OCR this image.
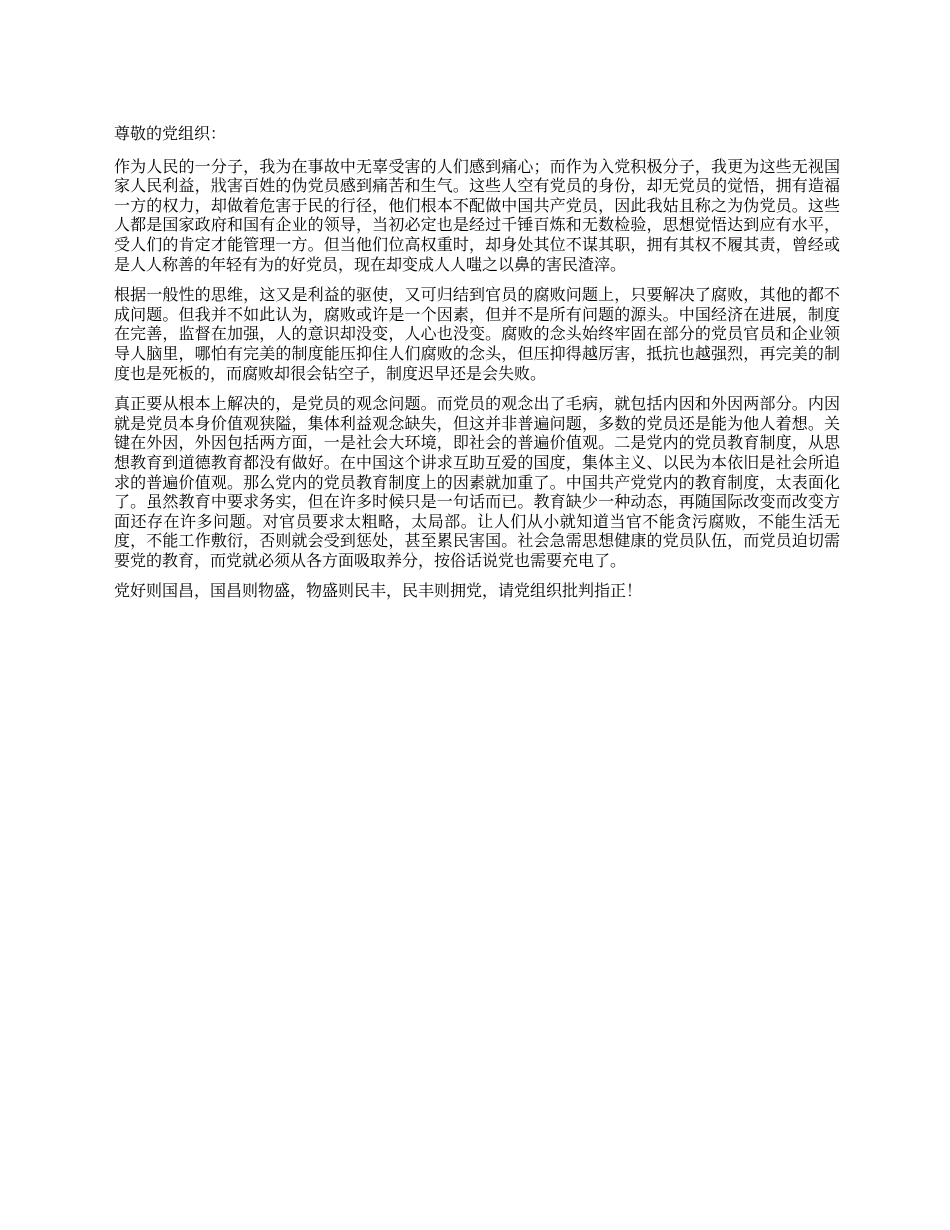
尊敬的党组织：

作为人民的一分子，我为在事故中无辜受害的人们感到痛心；而作为入党积极分子，我更为这些无视国家人民利益，戕害百姓的伪党员感到痛苦和生气。这些人空有党员的身份，却无党员的觉悟，拥有造福一方的权力，却做着危害于民的行径，他们根本不配做中国共产党员，因此我姑且称之为伪党员。这些人都是国家政府和国有企业的领导，当初必定也是经过千锤百炼和无数检验，思想觉悟达到应有水平，受人们的肯定才能管理一方。但当他们位高权重时，却身处其位不谋其职，拥有其权不履其责，曾经或是人人称善的年轻有为的好党员，现在却变成人人嗤之以鼻的害民渣滓。

根据一般性的思维，这又是利益的驱使，又可归结到官员的腐败问题上，只要解决了腐败，其他的都不成问题。但我并不如此认为，腐败或许是一个因素，但并不是所有问题的源头。中国经济在进展，制度在完善，监督在加强，人的意识却没变，人心也没变。腐败的念头始终牢固在部分的党员官员和企业领导人脑里，哪怕有完美的制度能压抑住人们腐败的念头，但压抑得越厉害，抵抗也越强烈，再完美的制度也是死板的，而腐败却很会钻空子，制度迟早还是会失败。

真正要从根本上解决的，是党员的观念问题。而党员的观念出了毛病，就包括内因和外因两部分。内因就是党员本身价值观狭隘，集体利益观念缺失，但这并非普遍问题，多数的党员还是能为他人着想。关键在外因，外因包括两方面，一是社会大环境，即社会的普遍价值观。二是党内的党员教育制度，从思想教育到道德教育都没有做好。在中国这个讲求互助互爱的国度，集体主义、以民为本依旧是社会所追求的普遍价值观。那么党内的党员教育制度上的因素就加重了。中国共产党党内的教育制度，太表面化了。虽然教育中要求务实，但在许多时候只是一句话而已。教育缺少一种动态，再随国际改变而改变方面还存在许多问题。对官员要求太粗略，太局部。让人们从小就知道当官不能贪污腐败，不能生活无度，不能工作敷衍，否则就会受到惩处，甚至累民害国。社会急需思想健康的党员队伍，而党员迫切需要党的教育，而党就必须从各方面吸取养分，按俗话说党也需要充电了。

党好则国昌，国昌则物盛，物盛则民丰，民丰则拥党，请党组织批判指正！
